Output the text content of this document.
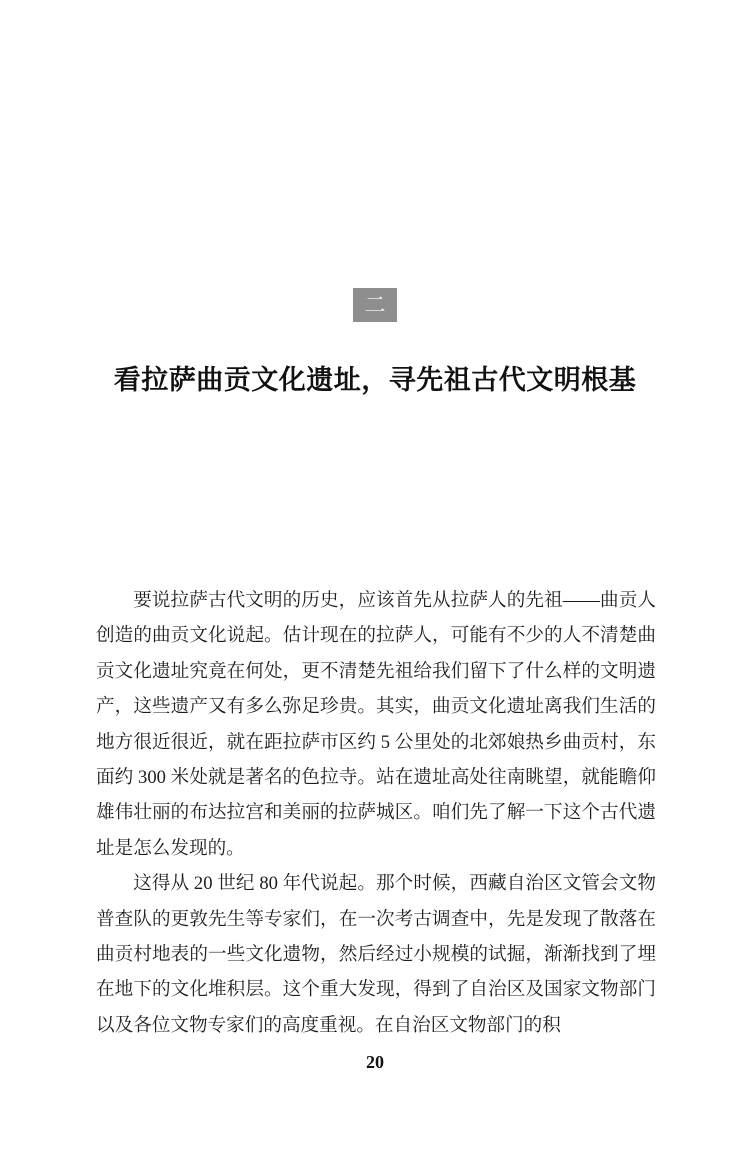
二
看拉萨曲贡文化遗址，寻先祖古代文明根基

要说拉萨古代文明的历史，应该首先从拉萨人的先祖——曲贡人创造的曲贡文化说起。估计现在的拉萨人，可能有不少的人不清楚曲贡文化遗址究竟在何处，更不清楚先祖给我们留下了什么样的文明遗产，这些遗产又有多么弥足珍贵。其实，曲贡文化遗址离我们生活的地方很近很近，就在距拉萨市区约 5 公里处的北郊娘热乡曲贡村，东面约 300 米处就是著名的色拉寺。站在遗址高处往南眺望，就能瞻仰雄伟壮丽的布达拉宫和美丽的拉萨城区。咱们先了解一下这个古代遗址是怎么发现的。

这得从 20 世纪 80 年代说起。那个时候，西藏自治区文管会文物普查队的更敦先生等专家们，在一次考古调查中，先是发现了散落在曲贡村地表的一些文化遗物，然后经过小规模的试掘，渐渐找到了埋在地下的文化堆积层。这个重大发现，得到了自治区及国家文物部门以及各位文物专家们的高度重视。在自治区文物部门的积

20
